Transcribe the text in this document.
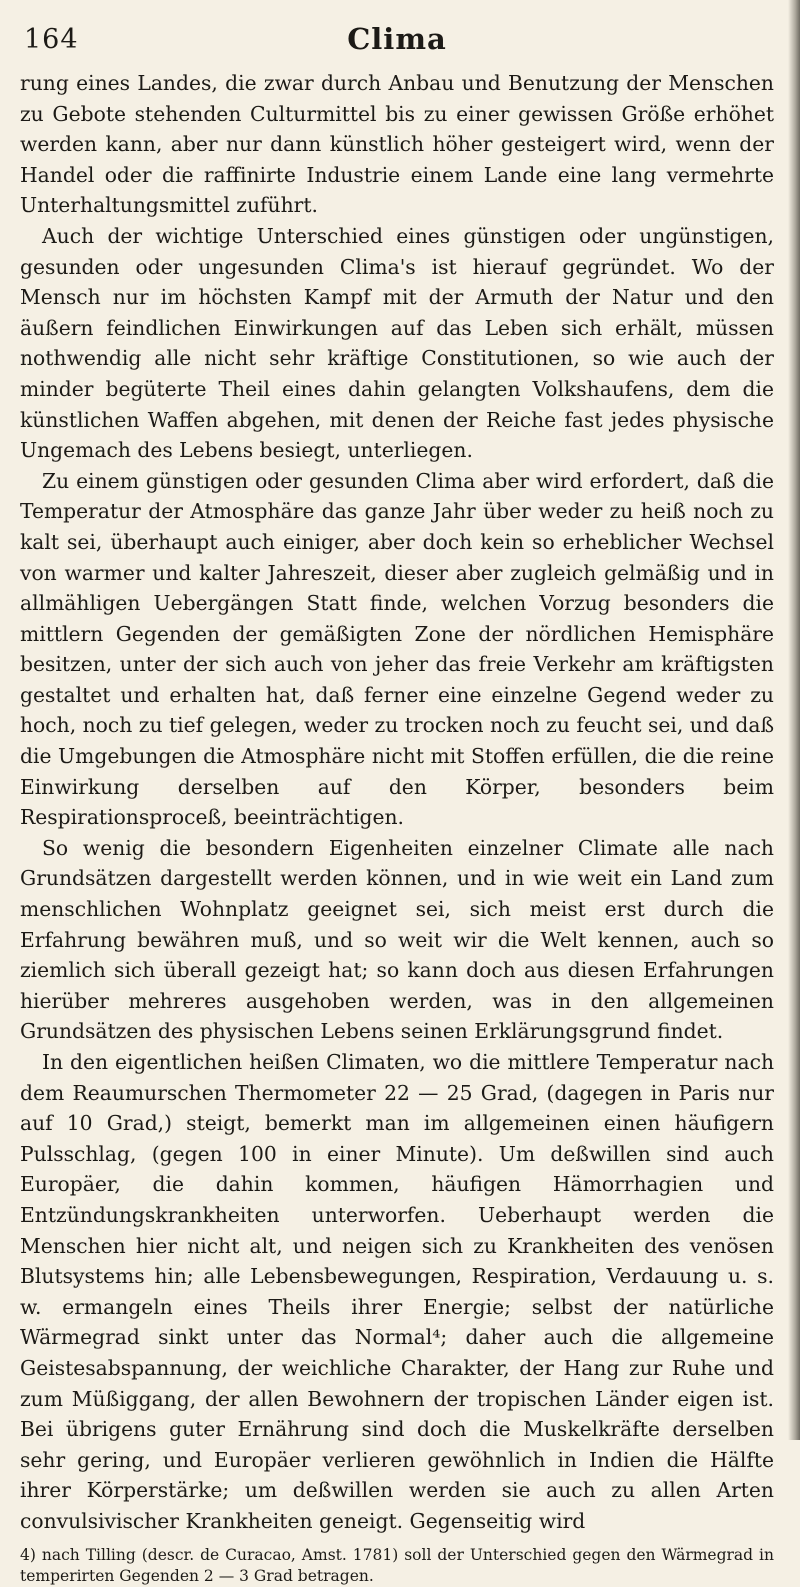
164	Clima

rung eines Landes, die zwar durch Anbau und Benutzung der Menschen zu Gebote stehenden Culturmittel bis zu einer gewissen Größe erhöhet werden kann, aber nur dann künstlich höher gesteigert wird, wenn der Handel oder die raffinirte Industrie einem Lande eine lang vermehrte Unterhaltungsmittel zuführt.

Auch der wichtige Unterschied eines günstigen oder ungünstigen, gesunden oder ungesunden Clima's ist hierauf gegründet. Wo der Mensch nur im höchsten Kampf mit der Armuth der Natur und den äußern feindlichen Einwirkungen auf das Leben sich erhält, müssen nothwendig alle nicht sehr kräftige Constitutionen, so wie auch der minder begüterte Theil eines dahin gelangten Volkshaufens, dem die künstlichen Waffen abgehen, mit denen der Reiche fast jedes physische Ungemach des Lebens besiegt, unterliegen.

Zu einem günstigen oder gesunden Clima aber wird erfordert, daß die Temperatur der Atmosphäre das ganze Jahr über weder zu heiß noch zu kalt sei, überhaupt auch einiger, aber doch kein so erheblicher Wechsel von warmer und kalter Jahreszeit, dieser aber zugleich gelmäßig und in allmähligen Uebergängen Statt finde, welchen Vorzug besonders die mittlern Gegenden der gemäßigten Zone der nördlichen Hemisphäre besitzen, unter der sich auch von jeher das freie Verkehr am kräftigsten gestaltet und erhalten hat, daß ferner eine einzelne Gegend weder zu hoch, noch zu tief gelegen, weder zu trocken noch zu feucht sei, und daß die Umgebungen die Atmosphäre nicht mit Stoffen erfüllen, die die reine Einwirkung derselben auf den Körper, besonders beim Respirationsproceß, beeinträchtigen.

So wenig die besondern Eigenheiten einzelner Climate alle nach Grundsätzen dargestellt werden können, und in wie weit ein Land zum menschlichen Wohnplatz geeignet sei, sich meist erst durch die Erfahrung bewähren muß, und so weit wir die Welt kennen, auch so ziemlich sich überall gezeigt hat; so kann doch aus diesen Erfahrungen hierüber mehreres ausgehoben werden, was in den allgemeinen Grundsätzen des physischen Lebens seinen Erklärungsgrund findet.

In den eigentlichen heißen Climaten, wo die mittlere Temperatur nach dem Reaumurschen Thermometer 22 — 25 Grad, (dagegen in Paris nur auf 10 Grad,) steigt, bemerkt man im allgemeinen einen häufigern Pulsschlag, (gegen 100 in einer Minute). Um deßwillen sind auch Europäer, die dahin kommen, häufigen Hämorrhagien und Entzündungskrankheiten unterworfen. Ueberhaupt werden die Menschen hier nicht alt, und neigen sich zu Krankheiten des venösen Blutsystems hin; alle Lebensbewegungen, Respiration, Verdauung u. s. w. ermangeln eines Theils ihrer Energie; selbst der natürliche Wärmegrad sinkt unter das Normal⁴; daher auch die allgemeine Geistesabspannung, der weichliche Charakter, der Hang zur Ruhe und zum Müßiggang, der allen Bewohnern der tropischen Länder eigen ist. Bei übrigens guter Ernährung sind doch die Muskelkräfte derselben sehr gering, und Europäer verlieren gewöhnlich in Indien die Hälfte ihrer Körperstärke; um deßwillen werden sie auch zu allen Arten convulsivischer Krankheiten geneigt. Gegenseitig wird

4) nach Tilling (descr. de Curacao, Amst. 1781) soll der Unterschied gegen den Wärmegrad in temperirten Gegenden 2 — 3 Grad betragen.
